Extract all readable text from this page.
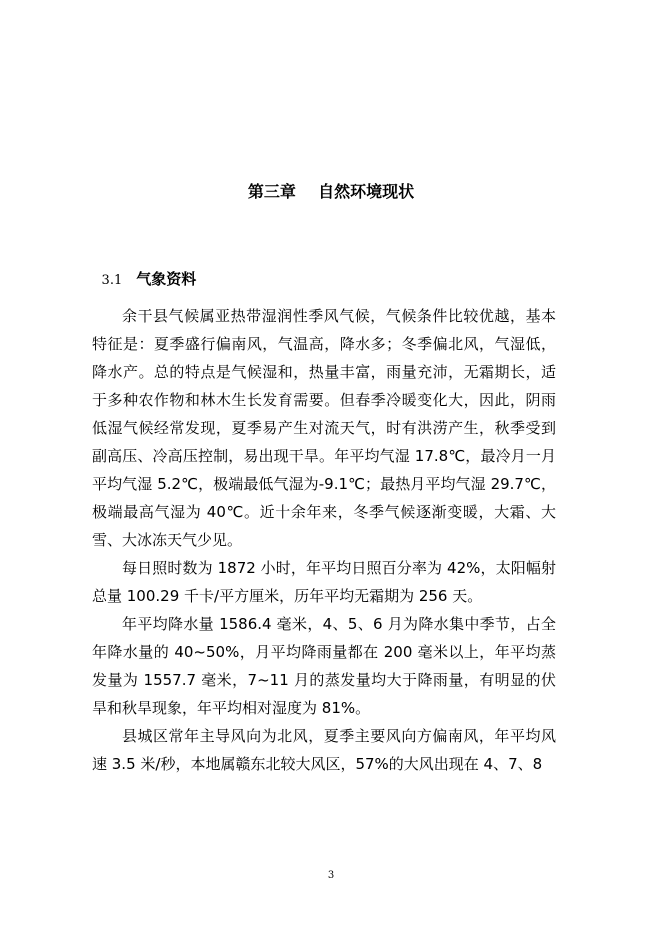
第三章    自然环境现状

3.1 气象资料

余干县气候属亚热带湿润性季风气候，气候条件比较优越，基本特征是：夏季盛行偏南风，气温高，降水多；冬季偏北风，气湿低，降水产。总的特点是气候湿和，热量丰富，雨量充沛，无霜期长，适于多种农作物和林木生长发育需要。但春季冷暖变化大，因此，阴雨低湿气候经常发现，夏季易产生对流天气，时有洪涝产生，秋季受到副高压、冷高压控制，易出现干旱。年平均气湿 17.8℃，最冷月一月平均气湿 5.2℃，极端最低气湿为-9.1℃；最热月平均气湿 29.7℃，极端最高气湿为 40℃。近十余年来，冬季气候逐渐变暖，大霜、大雪、大冰冻天气少见。

每日照时数为 1872 小时，年平均日照百分率为 42%，太阳幅射总量 100.29 千卡/平方厘米，历年平均无霜期为 256 天。

年平均降水量 1586.4 毫米，4、5、6 月为降水集中季节，占全年降水量的 40~50%，月平均降雨量都在 200 毫米以上，年平均蒸发量为 1557.7 毫米，7~11 月的蒸发量均大于降雨量，有明显的伏旱和秋旱现象，年平均相对湿度为 81%。

县城区常年主导风向为北风，夏季主要风向方偏南风，年平均风速 3.5 米/秒，本地属赣东北较大风区，57%的大风出现在 4、7、8

3
